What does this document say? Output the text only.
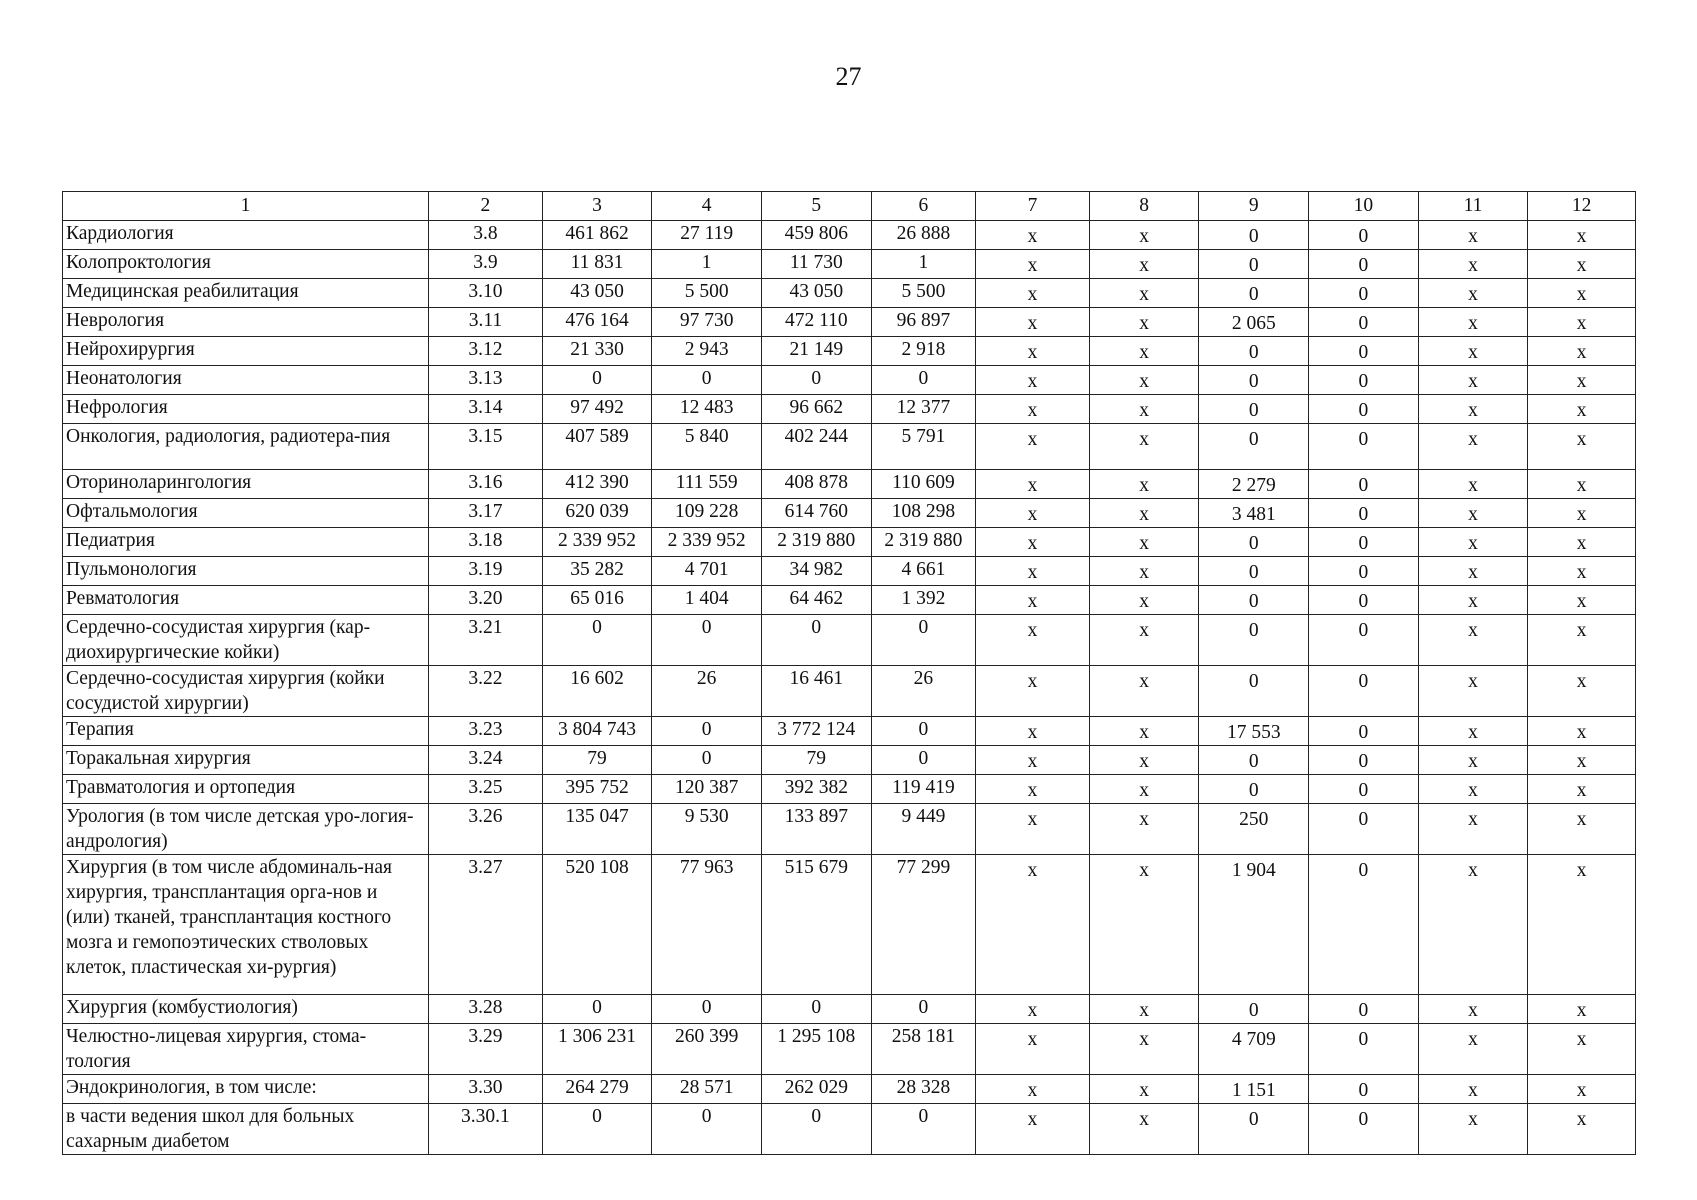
27
1	2	3	4	5	6	7	8	9	10	11	12
Кардиология	3.8	461 862	27 119	459 806	26 888	x	x	0	0	x	x
Колопроктология	3.9	11 831	1	11 730	1	x	x	0	0	x	x
Медицинская реабилитация	3.10	43 050	5 500	43 050	5 500	x	x	0	0	x	x
Неврология	3.11	476 164	97 730	472 110	96 897	x	x	2 065	0	x	x
Нейрохирургия	3.12	21 330	2 943	21 149	2 918	x	x	0	0	x	x
Неонатология	3.13	0	0	0	0	x	x	0	0	x	x
Нефрология	3.14	97 492	12 483	96 662	12 377	x	x	0	0	x	x
Онкология, радиология, радиотера-пия	3.15	407 589	5 840	402 244	5 791	x	x	0	0	x	x
Оториноларингология	3.16	412 390	111 559	408 878	110 609	x	x	2 279	0	x	x
Офтальмология	3.17	620 039	109 228	614 760	108 298	x	x	3 481	0	x	x
Педиатрия	3.18	2 339 952	2 339 952	2 319 880	2 319 880	x	x	0	0	x	x
Пульмонология	3.19	35 282	4 701	34 982	4 661	x	x	0	0	x	x
Ревматология	3.20	65 016	1 404	64 462	1 392	x	x	0	0	x	x
Сердечно-сосудистая хирургия (кар-диохирургические койки)	3.21	0	0	0	0	x	x	0	0	x	x
Сердечно-сосудистая хирургия (койки сосудистой хирургии)	3.22	16 602	26	16 461	26	x	x	0	0	x	x
Терапия	3.23	3 804 743	0	3 772 124	0	x	x	17 553	0	x	x
Торакальная хирургия	3.24	79	0	79	0	x	x	0	0	x	x
Травматология и ортопедия	3.25	395 752	120 387	392 382	119 419	x	x	0	0	x	x
Урология (в том числе детская уро-логия-андрология)	3.26	135 047	9 530	133 897	9 449	x	x	250	0	x	x
Хирургия (в том числе абдоминаль-ная хирургия, трансплантация орга-нов и (или) тканей, трансплантация костного мозга и гемопоэтических стволовых клеток, пластическая хи-рургия)	3.27	520 108	77 963	515 679	77 299	x	x	1 904	0	x	x
Хирургия (комбустиология)	3.28	0	0	0	0	x	x	0	0	x	x
Челюстно-лицевая хирургия, стома-тология	3.29	1 306 231	260 399	1 295 108	258 181	x	x	4 709	0	x	x
Эндокринология, в том числе:	3.30	264 279	28 571	262 029	28 328	x	x	1 151	0	x	x
в части ведения школ для больных сахарным диабетом	3.30.1	0	0	0	0	x	x	0	0	x	x
